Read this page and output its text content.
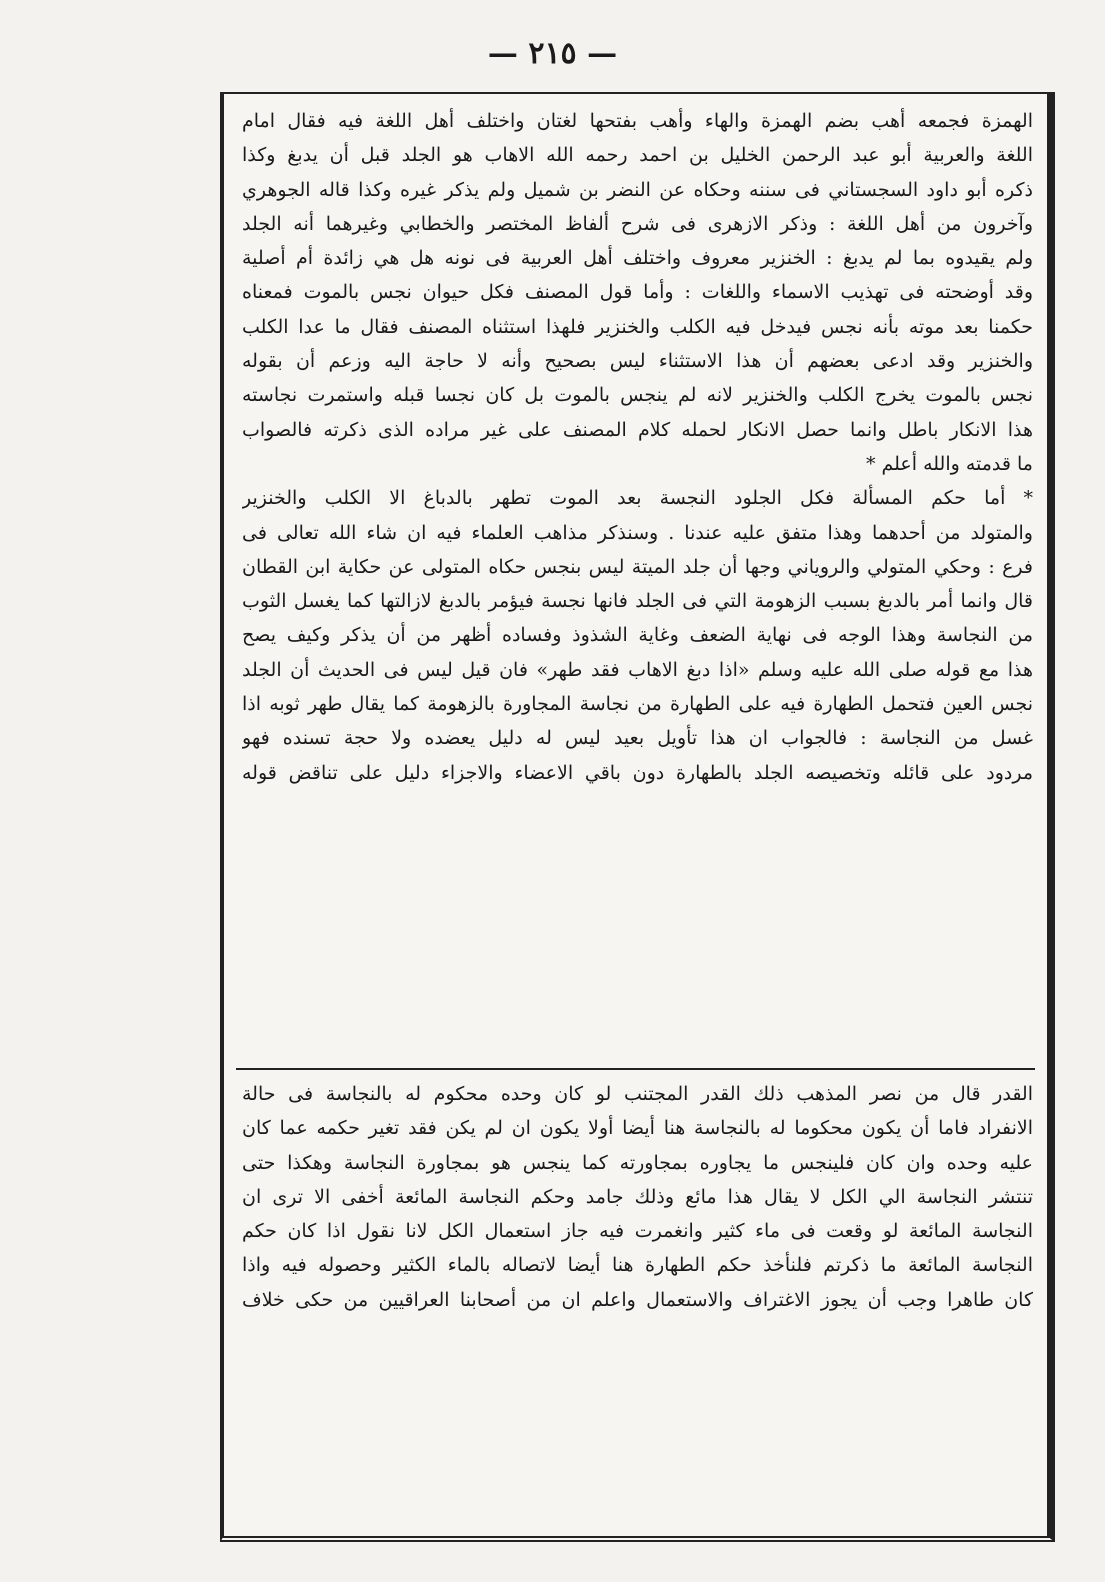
— ٢١٥ —
الهمزة فجمعه أهب بضم الهمزة والهاء وأهب بفتحها لغتان واختلف أهل اللغة فيه فقال امام
اللغة والعربية أبو عبد الرحمن الخليل بن احمد رحمه الله الاهاب هو الجلد قبل أن يدبغ وكذا
ذكره أبو داود السجستاني فى سننه وحكاه عن النضر بن شميل ولم يذكر غيره وكذا قاله الجوهري
وآخرون من أهل اللغة : وذكر الازهرى فى شرح ألفاظ المختصر والخطابي وغيرهما أنه الجلد
ولم يقيدوه بما لم يدبغ : الخنزير معروف واختلف أهل العربية فى نونه هل هي زائدة أم أصلية
وقد أوضحته فى تهذيب الاسماء واللغات : وأما قول المصنف فكل حيوان نجس بالموت فمعناه
حكمنا بعد موته بأنه نجس فيدخل فيه الكلب والخنزير فلهذا استثناه المصنف فقال ما عدا الكلب
والخنزير وقد ادعى بعضهم أن هذا الاستثناء ليس بصحيح وأنه لا حاجة اليه وزعم أن بقوله
نجس بالموت يخرج الكلب والخنزير لانه لم ينجس بالموت بل كان نجسا قبله واستمرت نجاسته
هذا الانكار باطل وانما حصل الانكار لحمله كلام المصنف على غير مراده الذى ذكرته فالصواب
ما قدمته والله أعلم *
* أما حكم المسألة فكل الجلود النجسة بعد الموت تطهر بالدباغ الا الكلب والخنزير
والمتولد من أحدهما وهذا متفق عليه عندنا . وسنذكر مذاهب العلماء فيه ان شاء الله تعالى فى
فرع : وحكي المتولي والروياني وجها أن جلد الميتة ليس بنجس حكاه المتولى عن حكاية ابن القطان
قال وانما أمر بالدبغ بسبب الزهومة التي فى الجلد فانها نجسة فيؤمر بالدبغ لازالتها كما يغسل الثوب
من النجاسة وهذا الوجه فى نهاية الضعف وغاية الشذوذ وفساده أظهر من أن يذكر وكيف يصح
هذا مع قوله صلى الله عليه وسلم «اذا دبغ الاهاب فقد طهر» فان قيل ليس فى الحديث أن الجلد
نجس العين فتحمل الطهارة فيه على الطهارة من نجاسة المجاورة بالزهومة كما يقال طهر ثوبه اذا
غسل من النجاسة : فالجواب ان هذا تأويل بعيد ليس له دليل يعضده ولا حجة تسنده فهو
مردود على قائله وتخصيصه الجلد بالطهارة دون باقي الاعضاء والاجزاء دليل على تناقض قوله
القدر قال من نصر المذهب ذلك القدر المجتنب لو كان وحده محكوم له بالنجاسة فى حالة
الانفراد فاما أن يكون محكوما له بالنجاسة هنا أيضا أولا يكون ان لم يكن فقد تغير حكمه عما كان
عليه وحده وان كان فلينجس ما يجاوره بمجاورته كما ينجس هو بمجاورة النجاسة وهكذا حتى
تنتشر النجاسة الي الكل لا يقال هذا مائع وذلك جامد وحكم النجاسة المائعة أخفى الا ترى ان
النجاسة المائعة لو وقعت فى ماء كثير وانغمرت فيه جاز استعمال الكل لانا نقول اذا كان حكم
النجاسة المائعة ما ذكرتم فلنأخذ حكم الطهارة هنا أيضا لاتصاله بالماء الكثير وحصوله فيه واذا
كان طاهرا وجب أن يجوز الاغتراف والاستعمال واعلم ان من أصحابنا العراقيين من حكى خلاف
